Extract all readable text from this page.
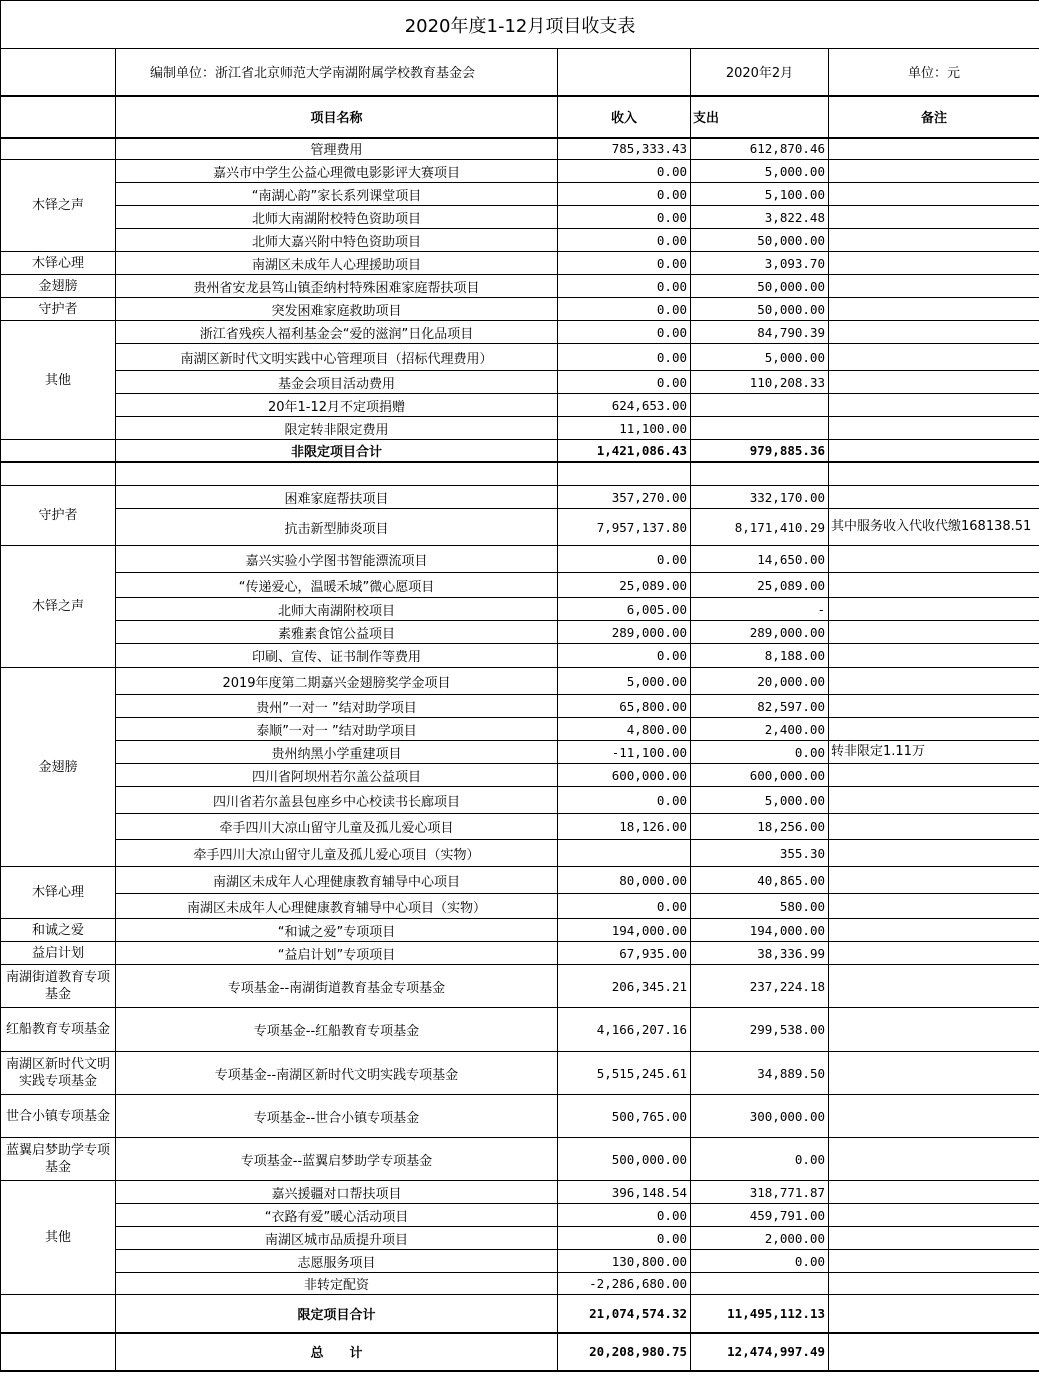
2020年度1-12月项目收支表				
	编制单位：浙江省北京师范大学南湖附属学校教育基金会		2020年2月	单位：元
	项目名称	收入	支出	备注
	管理费用	785,333.43	612,870.46	
木铎之声	嘉兴市中学生公益心理微电影影评大赛项目	0.00	5,000.00	
	“南湖心韵”家长系列课堂项目	0.00	5,100.00	
	北师大南湖附校特色资助项目	0.00	3,822.48	
	北师大嘉兴附中特色资助项目	0.00	50,000.00	
木铎心理	南湖区未成年人心理援助项目	0.00	3,093.70	
金翅膀	贵州省安龙县笃山镇歪纳村特殊困难家庭帮扶项目	0.00	50,000.00	
守护者	突发困难家庭救助项目	0.00	50,000.00	
其他	浙江省残疾人福利基金会“爱的滋润”日化品项目	0.00	84,790.39	
	南湖区新时代文明实践中心管理项目（招标代理费用）	0.00	5,000.00	
	基金会项目活动费用	0.00	110,208.33	
	20年1-12月不定项捐赠	624,653.00		
	限定转非限定费用	11,100.00		
	非限定项目合计	1,421,086.43	979,885.36	

守护者	困难家庭帮扶项目	357,270.00	332,170.00	
	抗击新型肺炎项目	7,957,137.80	8,171,410.29	其中服务收入代收代缴168138.51
木铎之声	嘉兴实验小学图书智能漂流项目	0.00	14,650.00	
	“传递爱心，温暖禾城”微心愿项目	25,089.00	25,089.00	
	北师大南湖附校项目	6,005.00	-	
	素雅素食馆公益项目	289,000.00	289,000.00	
	印刷、宣传、证书制作等费用	0.00	8,188.00	
金翅膀	2019年度第二期嘉兴金翅膀奖学金项目	5,000.00	20,000.00	
	贵州”一对一 ”结对助学项目	65,800.00	82,597.00	
	泰顺”一对一 ”结对助学项目	4,800.00	2,400.00	
	贵州纳黑小学重建项目	-11,100.00	0.00	转非限定1.11万
	四川省阿坝州若尔盖公益项目	600,000.00	600,000.00	
	四川省若尔盖县包座乡中心校读书长廊项目	0.00	5,000.00	
	牵手四川大凉山留守儿童及孤儿爱心项目	18,126.00	18,256.00	
	牵手四川大凉山留守儿童及孤儿爱心项目（实物）		355.30	
木铎心理	南湖区未成年人心理健康教育辅导中心项目	80,000.00	40,865.00	
	南湖区未成年人心理健康教育辅导中心项目（实物）	0.00	580.00	
和诚之爱	“和诚之爱”专项项目	194,000.00	194,000.00	
益启计划	“益启计划”专项项目	67,935.00	38,336.99	
南湖街道教育专项基金	专项基金--南湖街道教育基金专项基金	206,345.21	237,224.18	
红船教育专项基金	专项基金--红船教育专项基金	4,166,207.16	299,538.00	
南湖区新时代文明实践专项基金	专项基金--南湖区新时代文明实践专项基金	5,515,245.61	34,889.50	
世合小镇专项基金	专项基金--世合小镇专项基金	500,765.00	300,000.00	
蓝翼启梦助学专项基金	专项基金--蓝翼启梦助学专项基金	500,000.00	0.00	
其他	嘉兴援疆对口帮扶项目	396,148.54	318,771.87	
	“衣路有爱”暖心活动项目	0.00	459,791.00	
	南湖区城市品质提升项目	0.00	2,000.00	
	志愿服务项目	130,800.00	0.00	
	非转定配资	-2,286,680.00		
	限定项目合计	21,074,574.32	11,495,112.13	
	总　　计	20,208,980.75	12,474,997.49	
